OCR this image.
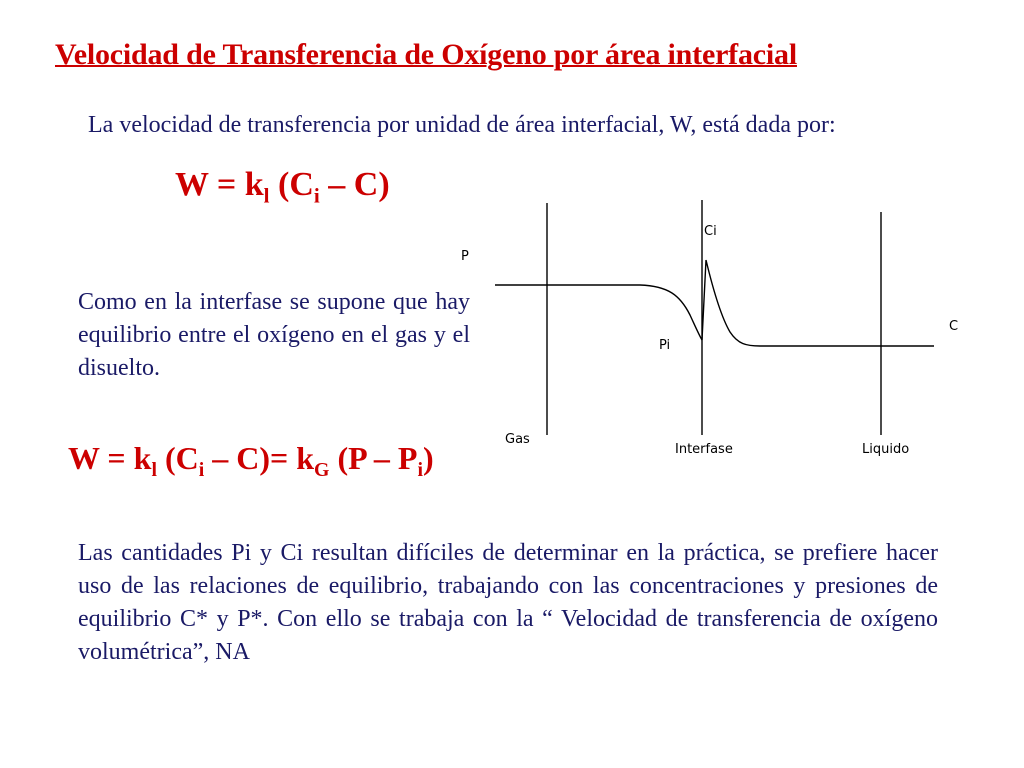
Velocidad de Transferencia de Oxígeno por área interfacial
La velocidad de transferencia por unidad de área interfacial, W, está dada por:
$W = k_l$ $(C_i - C)$
Como en la interfase se supone que hay equilibrio entre el oxígeno en el gas y el disuelto.
$W = k_l$ $(C_i - C)= k_G$ $(P - P_i)$
Las cantidades Pi y Ci resultan difíciles de determinar en la práctica, se prefiere hacer uso de las relaciones de equilibrio, trabajando con las concentraciones y presiones de equilibrio C* y P*. Con ello se trabaja con la “ Velocidad de transferencia de oxígeno volumétrica”, NA
P
Pi
Ci
C
Gas
Interfase	Liquido
